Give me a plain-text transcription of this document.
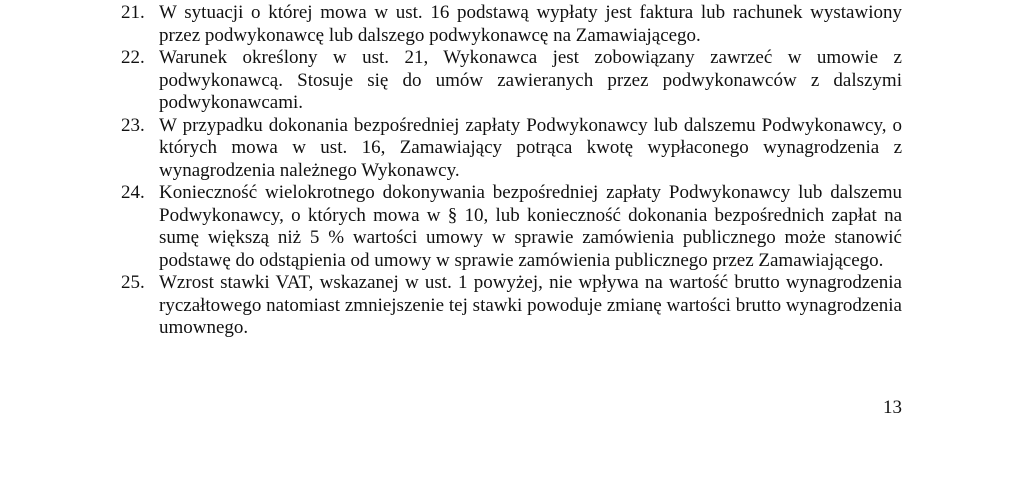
21. W sytuacji o której mowa w ust. 16 podstawą wypłaty jest faktura lub rachunek wystawiony przez podwykonawcę lub dalszego podwykonawcę na Zamawiającego.
22. Warunek określony w ust. 21, Wykonawca jest zobowiązany zawrzeć w umowie z podwykonawcą. Stosuje się do umów zawieranych przez podwykonawców z dalszymi podwykonawcami.
23. W przypadku dokonania bezpośredniej zapłaty Podwykonawcy lub dalszemu Podwykonawcy, o których mowa w ust. 16, Zamawiający potrąca kwotę wypłaconego wynagrodzenia z wynagrodzenia należnego Wykonawcy.
24. Konieczność wielokrotnego dokonywania bezpośredniej zapłaty Podwykonawcy lub dalszemu Podwykonawcy, o których mowa w § 10, lub konieczność dokonania bezpośrednich zapłat na sumę większą niż 5 % wartości umowy w sprawie zamówienia publicznego może stanowić podstawę do odstąpienia od umowy w sprawie zamówienia publicznego przez Zamawiającego.
25. Wzrost stawki VAT, wskazanej w ust. 1 powyżej, nie wpływa na wartość brutto wynagrodzenia ryczałtowego natomiast zmniejszenie tej stawki powoduje zmianę wartości brutto wynagrodzenia umownego.
13
